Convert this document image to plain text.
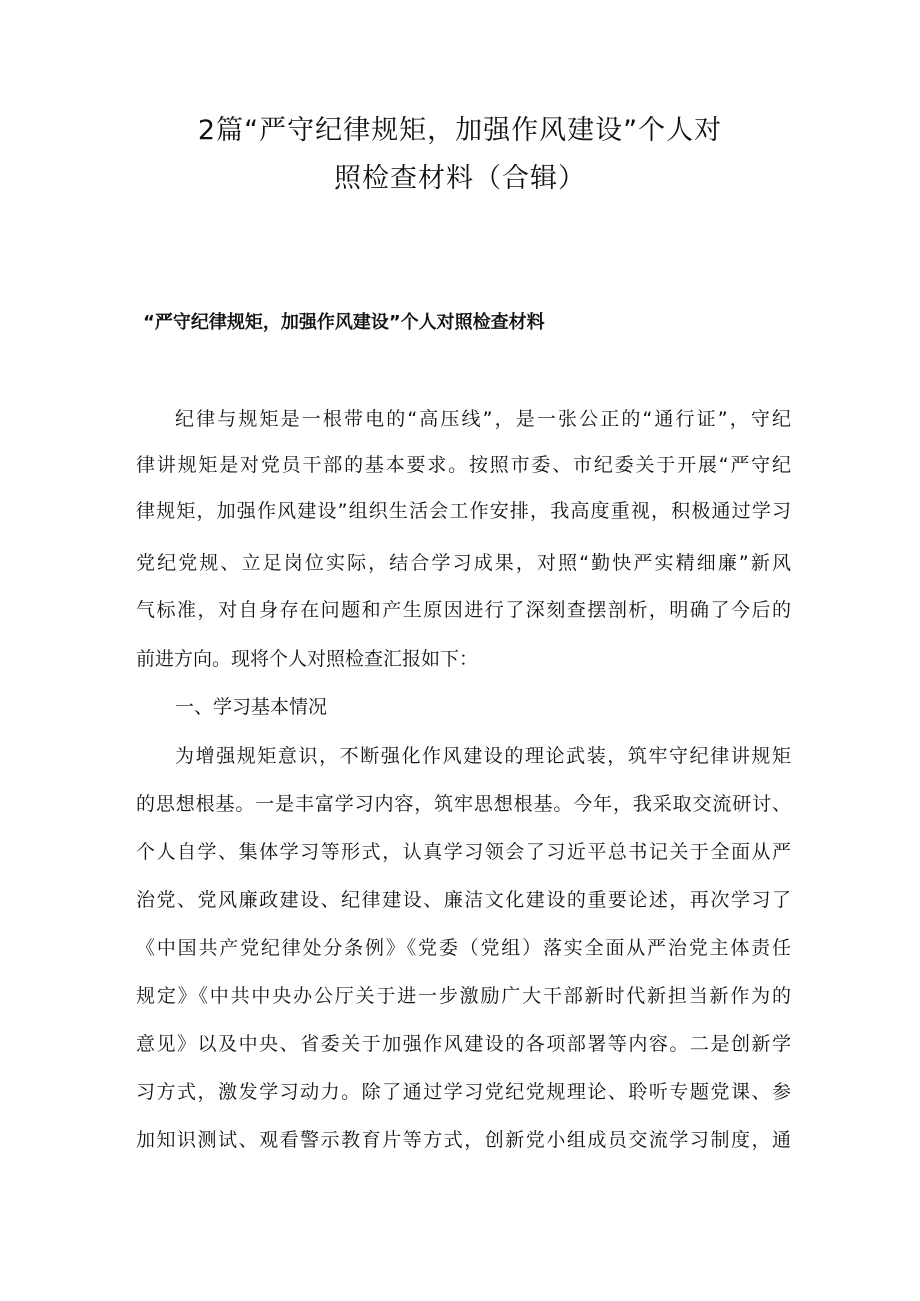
2篇“严守纪律规矩，加强作风建设”个人对
照检查材料（合辑）
“严守纪律规矩，加强作风建设”个人对照检查材料

纪律与规矩是一根带电的“高压线”，是一张公正的“通行证”，守纪

律讲规矩是对党员干部的基本要求。按照市委、市纪委关于开展“严守纪

律规矩，加强作风建设”组织生活会工作安排，我高度重视，积极通过学习

党纪党规、立足岗位实际，结合学习成果，对照“勤快严实精细廉”新风

气标准，对自身存在问题和产生原因进行了深刻查摆剖析，明确了今后的

前进方向。现将个人对照检查汇报如下：

一、学习基本情况

为增强规矩意识，不断强化作风建设的理论武装，筑牢守纪律讲规矩

的思想根基。一是丰富学习内容，筑牢思想根基。今年，我采取交流研讨、

个人自学、集体学习等形式，认真学习领会了习近平总书记关于全面从严

治党、党风廉政建设、纪律建设、廉洁文化建设的重要论述，再次学习了

《中国共产党纪律处分条例》《党委（党组）落实全面从严治党主体责任

规定》《中共中央办公厅关于进一步激励广大干部新时代新担当新作为的

意见》以及中央、省委关于加强作风建设的各项部署等内容。二是创新学

习方式，激发学习动力。除了通过学习党纪党规理论、聆听专题党课、参

加知识测试、观看警示教育片等方式，创新党小组成员交流学习制度，通
